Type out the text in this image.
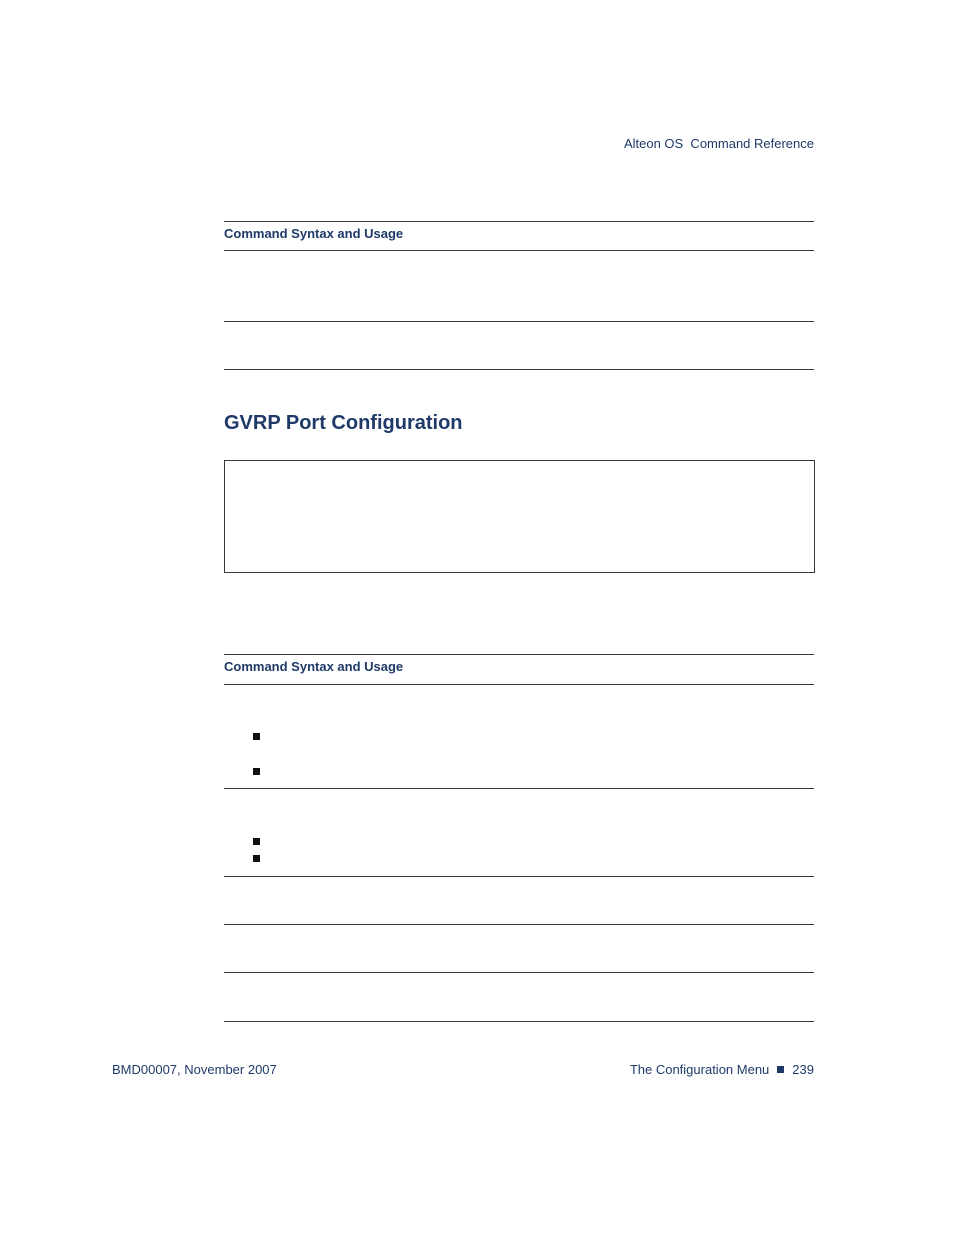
Alteon OS  Command Reference
Command Syntax and Usage
GVRP Port Configuration
Command Syntax and Usage
BMD00007, November 2007	The Configuration Menu 239
